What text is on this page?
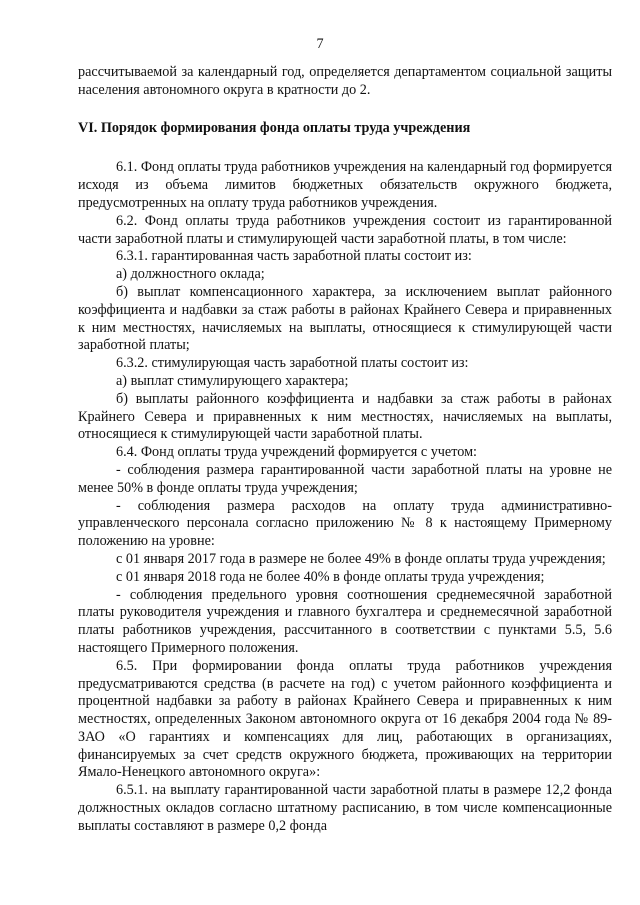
7

рассчитываемой за календарный год, определяется департаментом социальной защиты населения автономного округа в кратности до 2.

VI. Порядок формирования фонда оплаты труда учреждения

6.1. Фонд оплаты труда работников учреждения на календарный год формируется исходя из объема лимитов бюджетных обязательств окружного бюджета, предусмотренных на оплату труда работников учреждения.

6.2. Фонд оплаты труда работников учреждения состоит из гарантированной части заработной платы и стимулирующей части заработной платы, в том числе:

6.3.1. гарантированная часть заработной платы состоит из:

а) должностного оклада;

б) выплат компенсационного характера, за исключением выплат районного коэффициента и надбавки за стаж работы в районах Крайнего Севера и приравненных к ним местностях, начисляемых на выплаты, относящиеся к стимулирующей части заработной платы;

6.3.2. стимулирующая часть заработной платы состоит из:

а) выплат стимулирующего характера;

б) выплаты районного коэффициента и надбавки за стаж работы в районах Крайнего Севера и приравненных к ним местностях, начисляемых на выплаты, относящиеся к стимулирующей части заработной платы.

6.4. Фонд оплаты труда учреждений формируется с учетом:

- соблюдения размера гарантированной части заработной платы на уровне не менее 50% в фонде оплаты труда учреждения;

- соблюдения размера расходов на оплату труда административно-управленческого персонала согласно приложению № 8 к настоящему Примерному положению на уровне:

с 01 января 2017 года в размере не более 49% в фонде оплаты труда учреждения;

с 01 января 2018 года не более 40% в фонде оплаты труда учреждения;

- соблюдения предельного уровня соотношения среднемесячной заработной платы руководителя учреждения и главного бухгалтера и среднемесячной заработной платы работников учреждения, рассчитанного в соответствии с пунктами 5.5, 5.6 настоящего Примерного положения.

6.5. При формировании фонда оплаты труда работников учреждения предусматриваются средства (в расчете на год) с учетом районного коэффициента и процентной надбавки за работу в районах Крайнего Севера и приравненных к ним местностях, определенных Законом автономного округа от 16 декабря 2004 года № 89-ЗАО «О гарантиях и компенсациях для лиц, работающих в организациях, финансируемых за счет средств окружного бюджета, проживающих на территории Ямало-Ненецкого автономного округа»:

6.5.1. на выплату гарантированной части заработной платы в размере 12,2 фонда должностных окладов согласно штатному расписанию, в том числе компенсационные выплаты составляют в размере 0,2 фонда
